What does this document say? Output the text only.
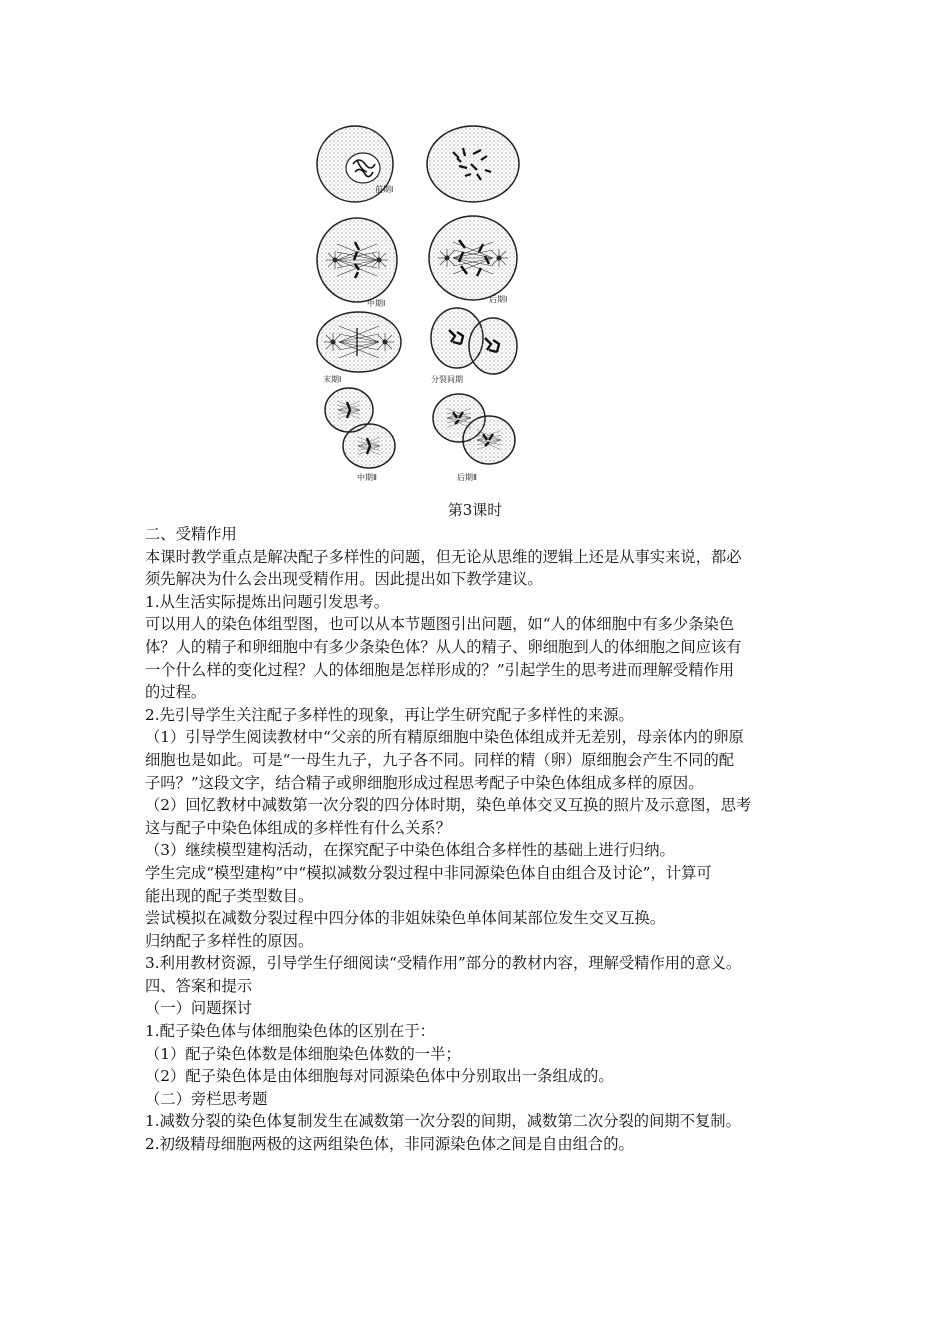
前期Ⅰ
中期Ⅰ	后期Ⅰ
末期Ⅰ	分裂间期
中期Ⅱ	后期Ⅱ
第3课时
二、受精作用
本课时教学重点是解决配子多样性的问题，但无论从思维的逻辑上还是从事实来说，都必
须先解决为什么会出现受精作用。因此提出如下教学建议。
1.从生活实际提炼出问题引发思考。
可以用人的染色体组型图，也可以从本节题图引出问题，如“人的体细胞中有多少条染色
体？人的精子和卵细胞中有多少条染色体？从人的精子、卵细胞到人的体细胞之间应该有
一个什么样的变化过程？人的体细胞是怎样形成的？”引起学生的思考进而理解受精作用
的过程。
2.先引导学生关注配子多样性的现象，再让学生研究配子多样性的来源。
（1）引导学生阅读教材中“父亲的所有精原细胞中染色体组成并无差别，母亲体内的卵原
细胞也是如此。可是“一母生九子，九子各不同。同样的精（卵）原细胞会产生不同的配
子吗？”这段文字，结合精子或卵细胞形成过程思考配子中染色体组成多样的原因。
（2）回忆教材中减数第一次分裂的四分体时期，染色单体交叉互换的照片及示意图，思考
这与配子中染色体组成的多样性有什么关系？
（3）继续模型建构活动，在探究配子中染色体组合多样性的基础上进行归纳。
学生完成“模型建构”中“模拟减数分裂过程中非同源染色体自由组合及讨论”，计算可
能出现的配子类型数目。
尝试模拟在减数分裂过程中四分体的非姐妹染色单体间某部位发生交叉互换。
归纳配子多样性的原因。
3.利用教材资源，引导学生仔细阅读“受精作用”部分的教材内容，理解受精作用的意义。
四、答案和提示
（一）问题探讨
1.配子染色体与体细胞染色体的区别在于：
（1）配子染色体数是体细胞染色体数的一半；
（2）配子染色体是由体细胞每对同源染色体中分别取出一条组成的。
（二）旁栏思考题
1.减数分裂的染色体复制发生在减数第一次分裂的间期，减数第二次分裂的间期不复制。
2.初级精母细胞两极的这两组染色体，非同源染色体之间是自由组合的。
